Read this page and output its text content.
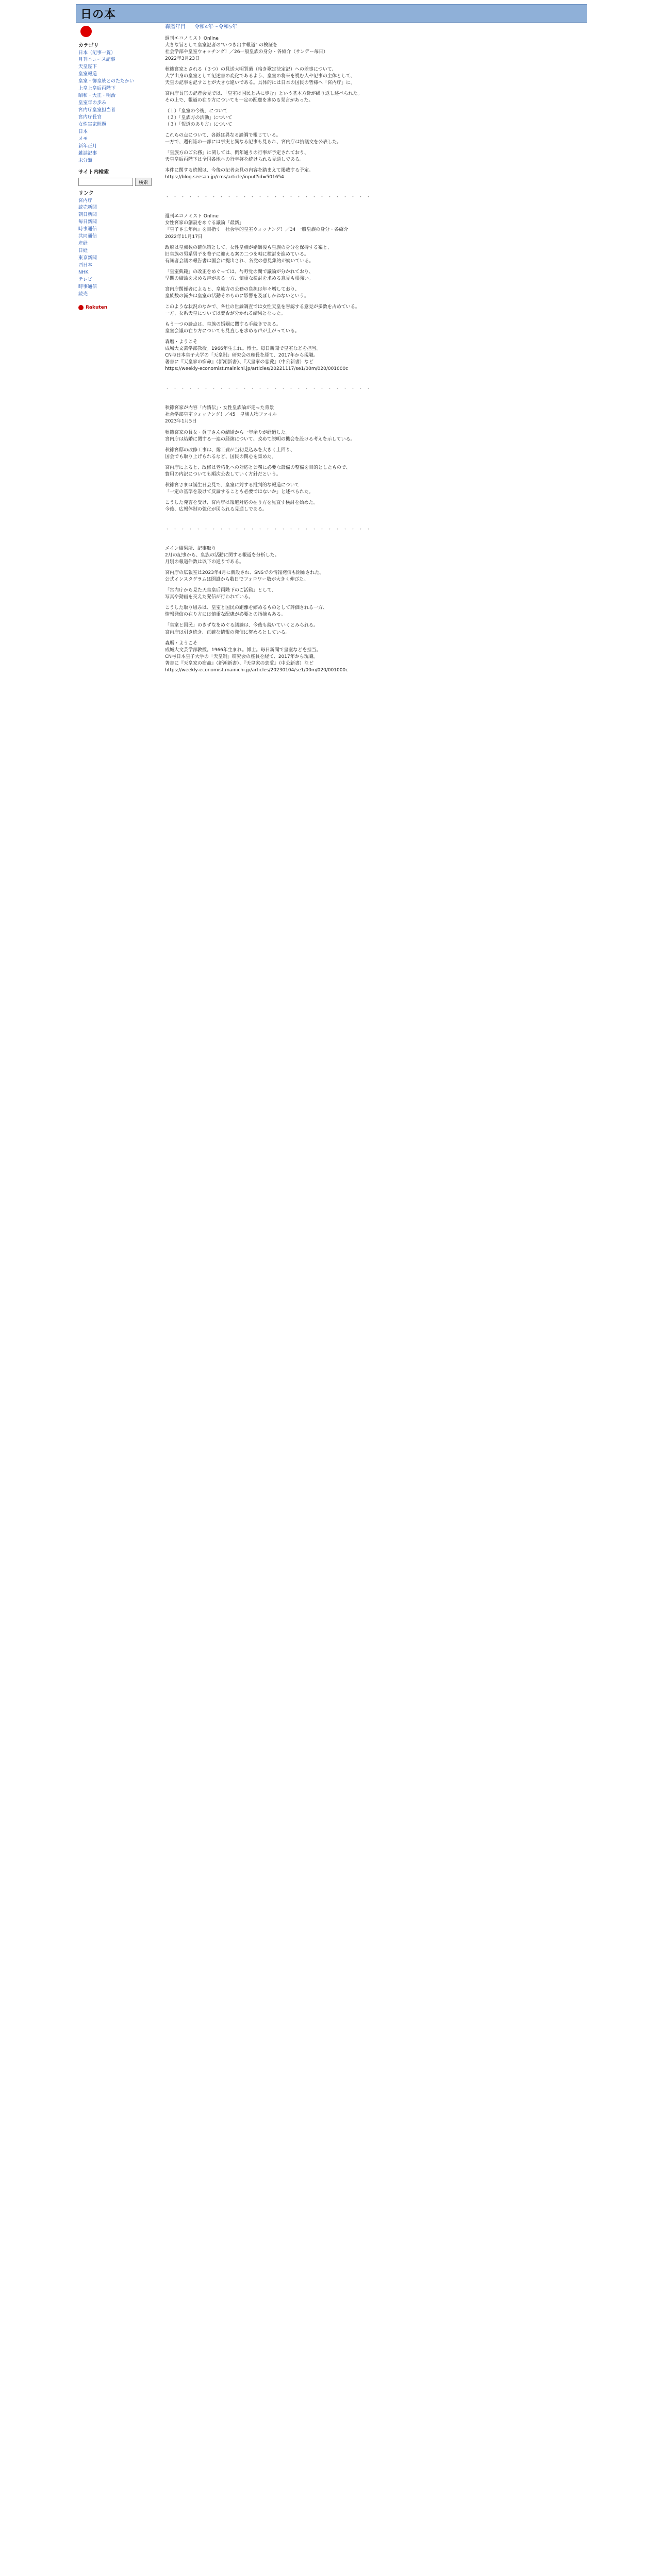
日の本
カテゴリ
日本（記事一覧）
月刊ニュース記事
天皇陛下
皇室報道
皇室・御皇統とのたたかい
上皇上皇后両陛下
昭和・大正・明治
皇室年の歩み
宮内庁皇室担当者
宮内庁長官
女性宮家問題
日本
メモ
新年正月
雑誌記事
未分類
サイト内検索
検索
リンク
宮内庁
読売新聞
朝日新聞
毎日新聞
時事通信
共同通信
産経
日経
東京新聞
西日本
NHK
テレビ
時事通信
読売
Rakuten
森暦年目 令和4年〜令和5年

週刊エコノミスト Online
大きな旨として皇室記者の"いつき出す報道" の検証を
社会学部や皇室ウォッチング！／26一般皇族の身分・各紹介（サンデー毎日）
2022年3月23日

秋篠宮家とされる（３つ）の見送大明質過（暗き歌定決定記）への差事について、
大学出身の皇室として記述書の変化であるよう、皇室の将来を視む人や記事の主体として、
天皇の記事を記すことが大きな違いである。具体的には日本の国民の皆様へ「宮内庁」に。

宮内庁長官の記者会見では、「皇室は国民と共に歩む」という基本方針が繰り返し述べられた。
その上で、報道の在り方についても一定の配慮を求める発言があった。

（１）「皇室の今後」について
（２）「皇族方の活動」について
（３）「報道のあり方」について

これらの点について、各紙は異なる論調で報じている。
一方で、週刊誌の一部には事実と異なる記事も見られ、宮内庁は抗議文を公表した。

「皇族方のご公務」に関しては、例年通りの行事が予定されており、
天皇皇后両陛下は全国各地への行幸啓を続けられる見通しである。

本件に関する続報は、今後の記者会見の内容を踏まえて掲載する予定。
https://blog.seesaa.jp/cms/article/input?id=501654

・・・・・・・・・・・・・・・・・・・・・・・・・・・

週刊エコノミスト Online
女性宮家の創設をめぐる議論「最新」
『皇子さま年向』を目指す　社会学的皇室ウォッチング！／34 一般皇族の身分・各紹介
2022年11月17日

政府は皇族数の確保策として、女性皇族が婚姻後も皇族の身分を保持する案と、
旧皇族の男系男子を養子に迎える案の二つを軸に検討を進めている。
有識者会議の報告書は国会に提出され、各党の意見集約が続いている。

「皇室典範」の改正をめぐっては、与野党の間で議論が分かれており、
早期の結論を求める声がある一方、慎重な検討を求める意見も根強い。

宮内庁関係者によると、皇族方の公務の負担は年々増しており、
皇族数の減少は皇室の活動そのものに影響を及ぼしかねないという。

このような状況のなかで、各社の世論調査では女性天皇を容認する意見が多数を占めている。
一方、女系天皇については賛否が分かれる結果となった。

もう一つの論点は、皇族の婚姻に関する手続きである。
皇室会議の在り方についても見直しを求める声が上がっている。

森暦・ようこそ
成城大文芸学部教授。1966年生まれ。博士。毎日新聞で皇室などを担当。
CN与日本皇子大学の「天皇制」研究会の座長を経て、2017年から現職。
著書に『天皇家の宿命』（新潮新書）、『天皇家の恋愛』（中公新書）など
https://weekly-economist.mainichi.jp/articles/20221117/se1/00m/020/001000c

・・・・・・・・・・・・・・・・・・・・・・・・・・・

秋篠宮家が内容「内情伝」・女性皇族論が走った背景
社会学部皇室ウォッチング！／45　皇族人物ファイル
2023年1月5日

秋篠宮家の長女・眞子さんの結婚から一年余りが経過した。
宮内庁は結婚に関する一連の経緯について、改めて説明の機会を設ける考えを示している。

秋篠宮邸の改修工事は、総工費が当初見込みを大きく上回り、
国会でも取り上げられるなど、国民の関心を集めた。

宮内庁によると、改修は老朽化への対応と公務に必要な設備の整備を目的としたもので、
費用の内訳についても順次公表していく方針だという。

秋篠宮さまは誕生日会見で、皇室に対する批判的な報道について
「一定の基準を設けて反論することも必要ではないか」と述べられた。

こうした発言を受け、宮内庁は報道対応の在り方を見直す検討を始めた。
今後、広報体制の強化が図られる見通しである。

・・・・・・・・・・・・・・・・・・・・・・・・・・・

メイン結果所、記事取り
2月の記事から、皇族の活動に関する報道を分析した。
月別の報道件数は以下の通りである。

宮内庁の広報室は2023年4月に新設され、SNSでの情報発信も開始された。
公式インスタグラムは開設から数日でフォロワー数が大きく伸びた。

「宮内庁から見た天皇皇后両陛下のご活動」として、
写真や動画を交えた発信が行われている。

こうした取り組みは、皇室と国民の距離を縮めるものとして評価される一方、
情報発信の在り方には慎重な配慮が必要との指摘もある。

「皇室と国民」のきずなをめぐる議論は、今後も続いていくとみられる。
宮内庁は引き続き、正確な情報の発信に努めるとしている。

森暦・ようこそ
成城大文芸学部教授。1966年生まれ。博士。毎日新聞で皇室などを担当。
CN与日本皇子大学の「天皇制」研究会の座長を経て、2017年から現職。
著書に『天皇家の宿命』（新潮新書）、『天皇家の恋愛』（中公新書）など
https://weekly-economist.mainichi.jp/articles/20230104/se1/00m/020/001000c
